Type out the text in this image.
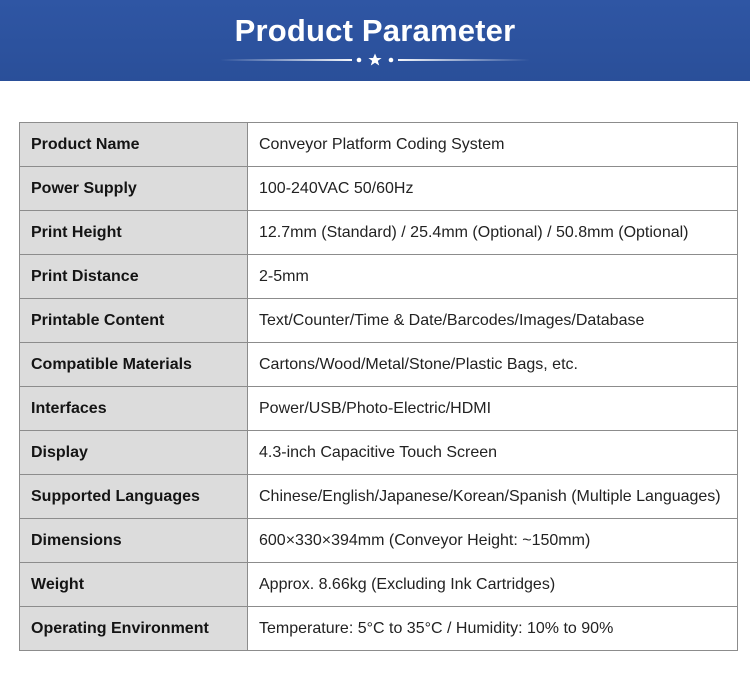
Product Parameter
Product Name	Conveyor Platform Coding System
Power Supply	100-240VAC 50/60Hz
Print Height	12.7mm (Standard) / 25.4mm (Optional) / 50.8mm (Optional)
Print Distance	2-5mm
Printable Content	Text/Counter/Time & Date/Barcodes/Images/Database
Compatible Materials	Cartons/Wood/Metal/Stone/Plastic Bags, etc.
Interfaces	Power/USB/Photo-Electric/HDMI
Display	4.3-inch Capacitive Touch Screen
Supported Languages	Chinese/English/Japanese/Korean/Spanish (Multiple Languages)
Dimensions	600×330×394mm (Conveyor Height: ~150mm)
Weight	Approx. 8.66kg (Excluding Ink Cartridges)
Operating Environment	Temperature: 5°C to 35°C / Humidity: 10% to 90%
